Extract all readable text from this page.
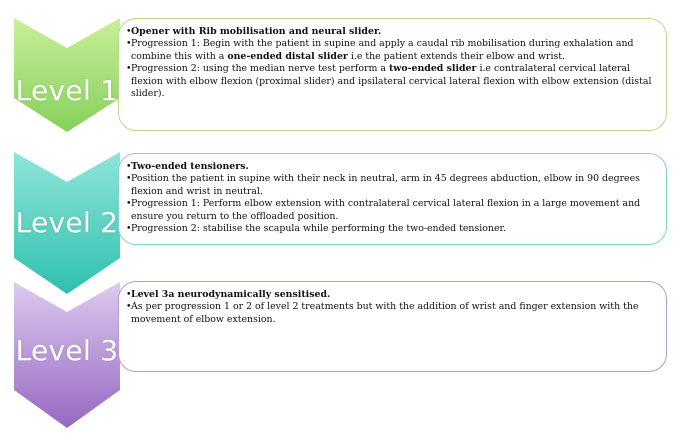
Level 1
• Opener with Rib mobilisation and neural slider.
• Progression 1: Begin with the patient in supine and apply a caudal rib mobilisation during exhalation and combine this with a one-ended distal slider i.e the patient extends their elbow and wrist.
• Progression 2: using the median nerve test perform a two-ended slider i.e contralateral cervical lateral flexion with elbow flexion (proximal slider) and ipsilateral cervical lateral flexion with elbow extension (distal slider).
Level 2
• Two-ended tensioners.
• Position the patient in supine with their neck in neutral, arm in 45 degrees abduction, elbow in 90 degrees flexion and wrist in neutral.
• Progression 1: Perform elbow extension with contralateral cervical lateral flexion in a large movement and ensure you return to the offloaded position.
• Progression 2: stabilise the scapula while performing the two-ended tensioner.
Level 3
• Level 3a neurodynamically sensitised.
• As per progression 1 or 2 of level 2 treatments but with the addition of wrist and finger extension with the movement of elbow extension.
